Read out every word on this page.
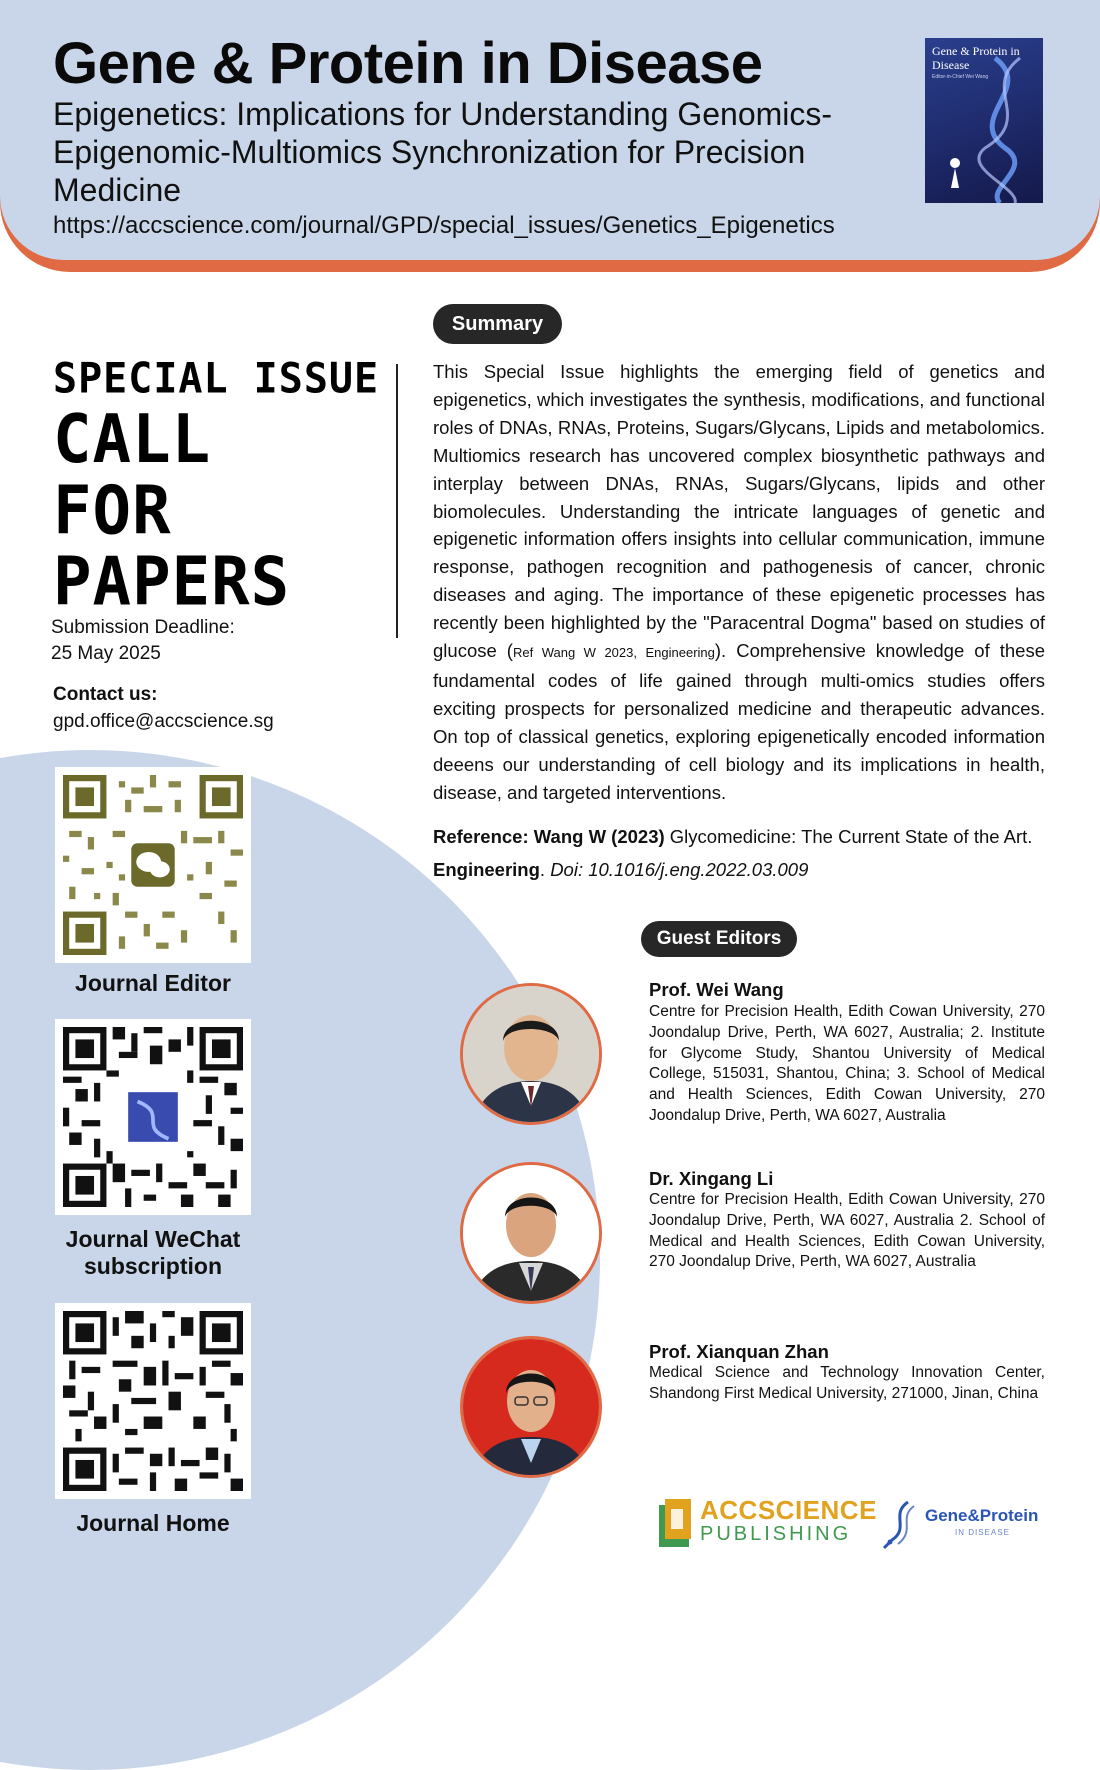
Gene & Protein in Disease
Epigenetics: Implications for Understanding Genomics-Epigenomic-Multiomics Synchronization for Precision Medicine
https://accscience.com/journal/GPD/special_issues/Genetics_Epigenetics
Gene & Protein in Disease
Editor-in-Chief Wei Wang
SPECIAL ISSUE
CALL
FOR
PAPERS
Submission Deadline:
25 May 2025
Contact us:
gpd.office@accscience.sg
Journal Editor
Journal WeChat subscription
Journal Home
Summary

This Special Issue highlights the emerging field of genetics and epigenetics, which investigates the synthesis, modifications, and functional roles of DNAs, RNAs, Proteins, Sugars/Glycans, Lipids and metabolomics. Multiomics research has uncovered complex biosynthetic pathways and interplay between DNAs, RNAs, Sugars/Glycans, lipids and other biomolecules. Understanding the intricate languages of genetic and epigenetic information offers insights into cellular communication, immune response, pathogen recognition and pathogenesis of cancer, chronic diseases and aging. The importance of these epigenetic processes has recently been highlighted by the "Paracentral Dogma" based on studies of glucose (Ref Wang W 2023, Engineering). Comprehensive knowledge of these fundamental codes of life gained through multi-omics studies offers exciting prospects for personalized medicine and therapeutic advances. On top of classical genetics, exploring epigenetically encoded information deeens our understanding of cell biology and its implications in health, disease, and targeted interventions.

Reference: Wang W (2023) Glycomedicine: The Current State of the Art. Engineering. Doi: 10.1016/j.eng.2022.03.009

Guest Editors
Prof. Wei Wang

Centre for Precision Health, Edith Cowan University, 270 Joondalup Drive, Perth, WA 6027, Australia; 2. Institute for Glycome Study, Shantou University of Medical College, 515031, Shantou, China; 3. School of Medical and Health Sciences, Edith Cowan University, 270 Joondalup Drive, Perth, WA 6027, Australia

Dr. Xingang Li

Centre for Precision Health, Edith Cowan University, 270 Joondalup Drive, Perth, WA 6027, Australia 2. School of Medical and Health Sciences, Edith Cowan University, 270 Joondalup Drive, Perth, WA 6027, Australia

Prof. Xianquan Zhan

Medical Science and Technology Innovation Center, Shandong First Medical University, 271000, Jinan, China

ACCSCIENCE
PUBLISHING
Gene&Protein
IN DISEASE
